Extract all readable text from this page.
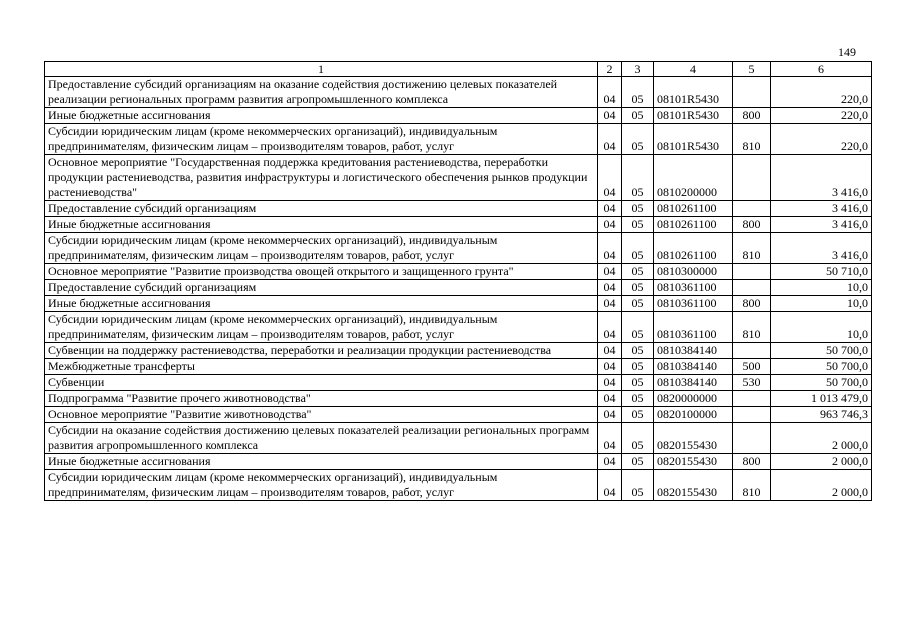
149
1	2	3	4	5	6
Предоставление субсидий организациям на оказание содействия достижению целевых показателей реализации региональных программ развития агропромышленного комплекса	04	05	08101R5430		220,0
Иные бюджетные ассигнования	04	05	08101R5430	800	220,0
Субсидии юридическим лицам (кроме некоммерческих организаций), индивидуальным предпринимателям, физическим лицам – производителям товаров, работ, услуг	04	05	08101R5430	810	220,0
Основное мероприятие "Государственная поддержка кредитования растениеводства, переработки продукции растениеводства, развития инфраструктуры и логистического обеспечения рынков продукции растениеводства"	04	05	0810200000		3 416,0
Предоставление субсидий организациям	04	05	0810261100		3 416,0
Иные бюджетные ассигнования	04	05	0810261100	800	3 416,0
Субсидии юридическим лицам (кроме некоммерческих организаций), индивидуальным предпринимателям, физическим лицам – производителям товаров, работ, услуг	04	05	0810261100	810	3 416,0
Основное мероприятие "Развитие производства овощей открытого и защищенного грунта"	04	05	0810300000		50 710,0
Предоставление субсидий организациям	04	05	0810361100		10,0
Иные бюджетные ассигнования	04	05	0810361100	800	10,0
Субсидии юридическим лицам (кроме некоммерческих организаций), индивидуальным предпринимателям, физическим лицам – производителям товаров, работ, услуг	04	05	0810361100	810	10,0
Субвенции на поддержку растениеводства, переработки и реализации продукции растениеводства	04	05	0810384140		50 700,0
Межбюджетные трансферты	04	05	0810384140	500	50 700,0
Субвенции	04	05	0810384140	530	50 700,0
Подпрограмма "Развитие прочего животноводства"	04	05	0820000000		1 013 479,0
Основное мероприятие "Развитие животноводства"	04	05	0820100000		963 746,3
Субсидии на оказание содействия достижению целевых показателей реализации региональных программ развития агропромышленного комплекса	04	05	0820155430		2 000,0
Иные бюджетные ассигнования	04	05	0820155430	800	2 000,0
Субсидии юридическим лицам (кроме некоммерческих организаций), индивидуальным предпринимателям, физическим лицам – производителям товаров, работ, услуг	04	05	0820155430	810	2 000,0
